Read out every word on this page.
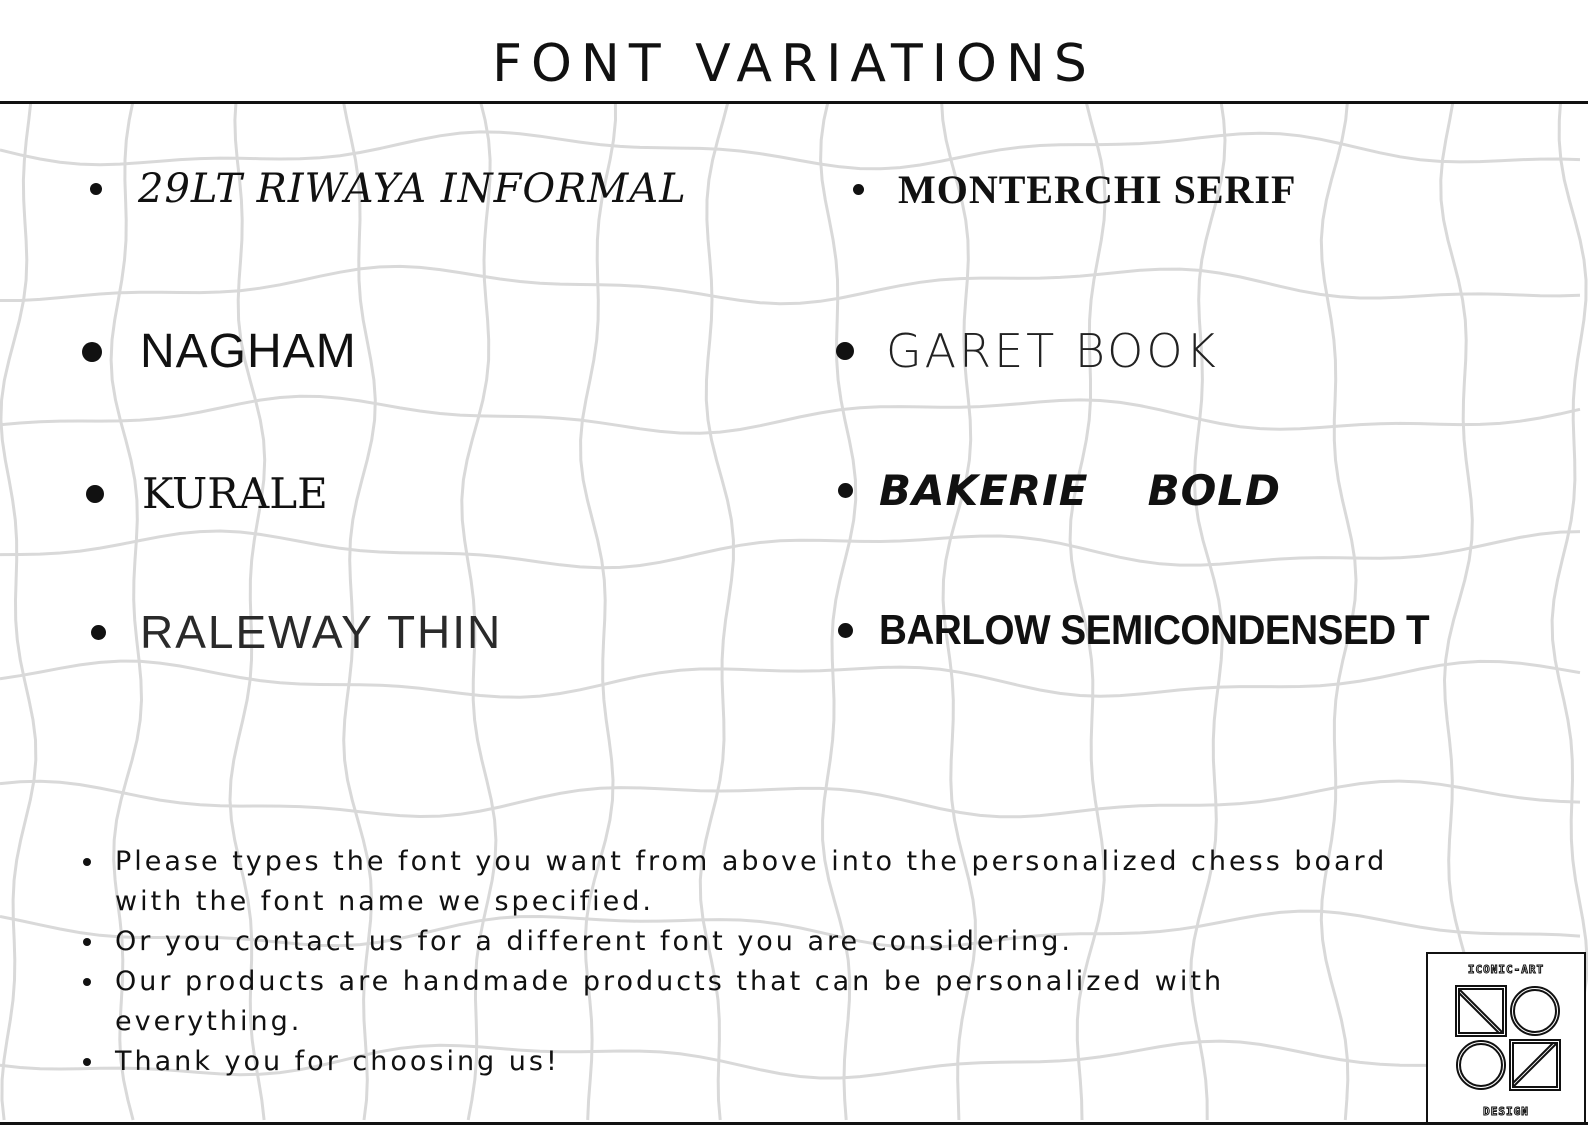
FONT VARIATIONS
29LT RIWAYA INFORMAL	MONTERCHI SERIF
NAGHAM	GARET BOOK
KURALE	BAKERIE  BOLD
RALEWAY THIN	BARLOW SEMICONDENSED T
Please types the font you want from above into the personalized chess board
with the font name we specified.
Or you contact us for a different font you are considering.
Our products are handmade products that can be personalized with everything.
Thank you for choosing us!
ICONIC-ART
DESIGN
